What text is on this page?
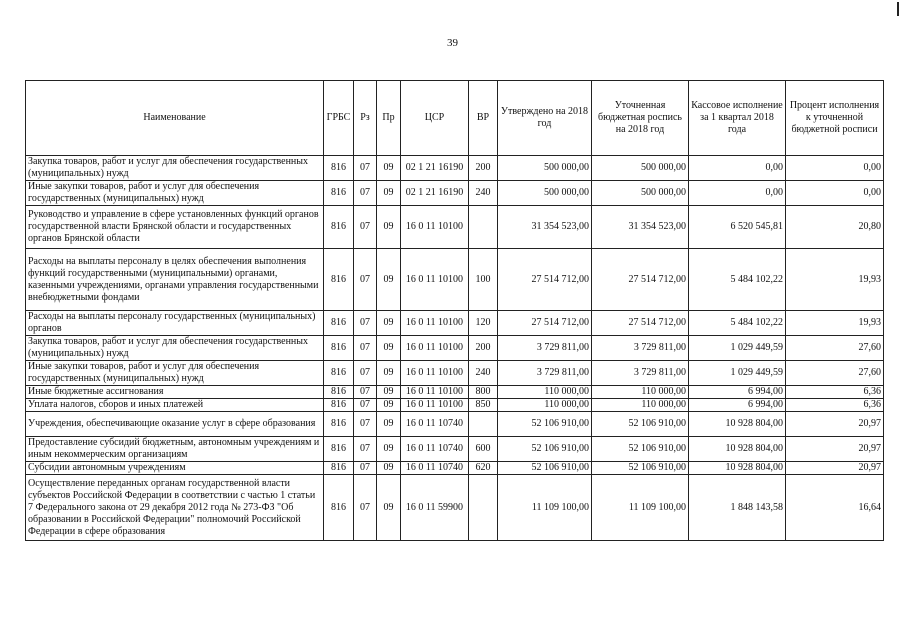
39
Наименование	ГРБС	Рз	Пр	ЦСР	ВР	Утверждено на 2018 год	Уточненная бюджетная роспись на 2018 год	Кассовое исполнение за 1 квартал 2018 года	Процент исполнения к уточненной бюджетной росписи
Закупка товаров, работ и услуг для обеспечения государственных (муниципальных) нужд	816	07	09	02 1 21 16190	200	500 000,00	500 000,00	0,00	0,00
Иные закупки товаров, работ и услуг для обеспечения государственных (муниципальных) нужд	816	07	09	02 1 21 16190	240	500 000,00	500 000,00	0,00	0,00
Руководство и управление в сфере установленных функций органов государственной власти Брянской области и государственных органов Брянской области	816	07	09	16 0 11 10100		31 354 523,00	31 354 523,00	6 520 545,81	20,80
Расходы на выплаты персоналу в целях обеспечения выполнения функций государственными (муниципальными) органами, казенными учреждениями, органами управления государственными внебюджетными фондами	816	07	09	16 0 11 10100	100	27 514 712,00	27 514 712,00	5 484 102,22	19,93
Расходы на выплаты персоналу государственных (муниципальных) органов	816	07	09	16 0 11 10100	120	27 514 712,00	27 514 712,00	5 484 102,22	19,93
Закупка товаров, работ и услуг для обеспечения государственных (муниципальных) нужд	816	07	09	16 0 11 10100	200	3 729 811,00	3 729 811,00	1 029 449,59	27,60
Иные закупки товаров, работ и услуг для обеспечения государственных (муниципальных) нужд	816	07	09	16 0 11 10100	240	3 729 811,00	3 729 811,00	1 029 449,59	27,60
Иные бюджетные ассигнования	816	07	09	16 0 11 10100	800	110 000,00	110 000,00	6 994,00	6,36
Уплата налогов, сборов и иных платежей	816	07	09	16 0 11 10100	850	110 000,00	110 000,00	6 994,00	6,36
Учреждения, обеспечивающие оказание услуг в сфере образования	816	07	09	16 0 11 10740		52 106 910,00	52 106 910,00	10 928 804,00	20,97
Предоставление субсидий бюджетным, автономным учреждениям и иным некоммерческим организациям	816	07	09	16 0 11 10740	600	52 106 910,00	52 106 910,00	10 928 804,00	20,97
Субсидии автономным учреждениям	816	07	09	16 0 11 10740	620	52 106 910,00	52 106 910,00	10 928 804,00	20,97
Осуществление переданных органам государственной власти субъектов Российской Федерации в соответствии с частью 1 статьи 7 Федерального закона от 29 декабря 2012 года № 273-ФЗ "Об образовании в Российской Федерации" полномочий Российской Федерации в сфере образования	816	07	09	16 0 11 59900		11 109 100,00	11 109 100,00	1 848 143,58	16,64
